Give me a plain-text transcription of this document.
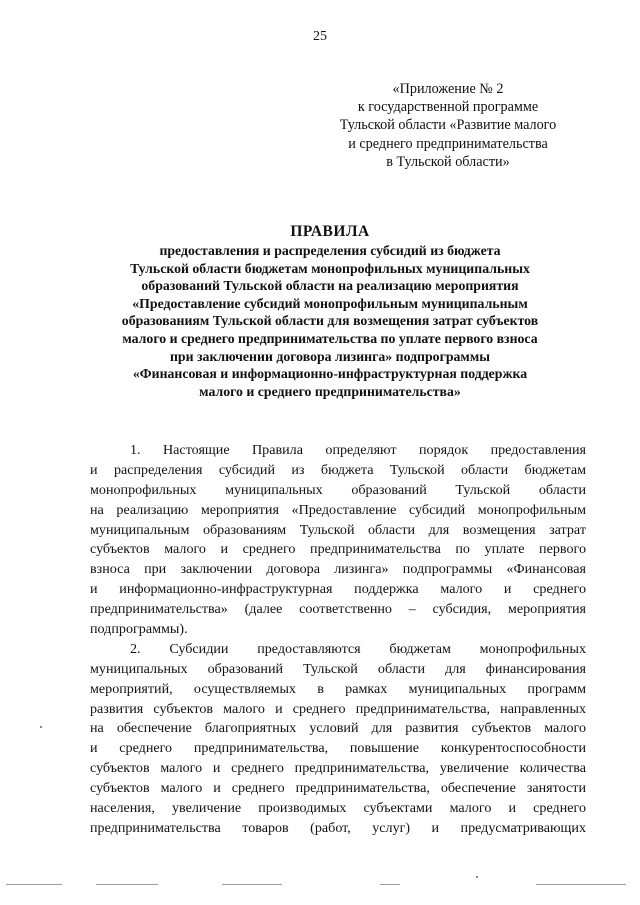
25
«Приложение № 2
к государственной программе
Тульской области «Развитие малого
и среднего предпринимательства
в Тульской области»
ПРАВИЛА
предоставления и распределения субсидий из бюджета
Тульской области бюджетам монопрофильных муниципальных
образований Тульской области на реализацию мероприятия
«Предоставление субсидий монопрофильным муниципальным
образованиям Тульской области для возмещения затрат субъектов
малого и среднего предпринимательства по уплате первого взноса
при заключении договора лизинга» подпрограммы
«Финансовая и информационно-инфраструктурная поддержка
малого и среднего предпринимательства»
1. Настоящие Правила определяют порядок предоставления
и распределения субсидий из бюджета Тульской области бюджетам
монопрофильных муниципальных образований Тульской области
на реализацию мероприятия «Предоставление субсидий монопрофильным
муниципальным образованиям Тульской области для возмещения затрат
субъектов малого и среднего предпринимательства по уплате первого
взноса при заключении договора лизинга» подпрограммы «Финансовая
и информационно-инфраструктурная поддержка малого и среднего
предпринимательства» (далее соответственно – субсидия, мероприятия
подпрограммы).
2. Субсидии предоставляются бюджетам монопрофильных
муниципальных образований Тульской области для финансирования
мероприятий, осуществляемых в рамках муниципальных программ
развития субъектов малого и среднего предпринимательства, направленных
на обеспечение благоприятных условий для развития субъектов малого
и среднего предпринимательства, повышение конкурентоспособности
субъектов малого и среднего предпринимательства, увеличение количества
субъектов малого и среднего предпринимательства, обеспечение занятости
населения, увеличение производимых субъектами малого и среднего
предпринимательства товаров (работ, услуг) и предусматривающих
